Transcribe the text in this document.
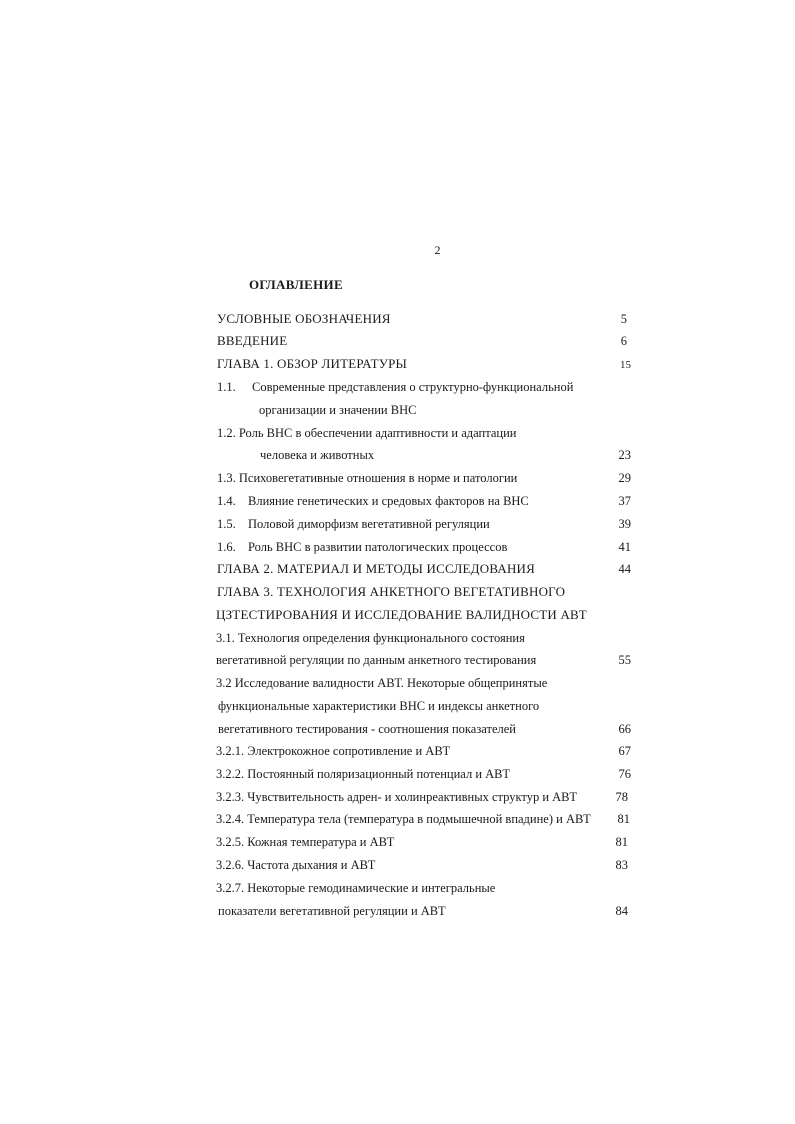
2
ОГЛАВЛЕНИЕ
УСЛОВНЫЕ ОБОЗНАЧЕНИЯ	5
ВВЕДЕНИЕ	6
ГЛАВА 1. ОБЗОР ЛИТЕРАТУРЫ	15
1.1. Современные представления о структурно-функциональной
организации и значении ВНС
1.2. Роль ВНС в обеспечении адаптивности и адаптации
человека и животных	23
1.3. Психовегетативные отношения в норме и патологии	29
1.4. Влияние генетических и средовых факторов на ВНС	37
1.5. Половой диморфизм вегетативной регуляции	39
1.6. Роль ВНС в развитии патологических процессов	41
ГЛАВА 2. МАТЕРИАЛ И МЕТОДЫ ИССЛЕДОВАНИЯ	44
ГЛАВА 3. ТЕХНОЛОГИЯ АНКЕТНОГО ВЕГЕТАТИВНОГО
ЦЗТЕСТИРОВАНИЯ И ИССЛЕДОВАНИЕ ВАЛИДНОСТИ АВТ
3.1. Технология определения функционального состояния
вегетативной регуляции по данным анкетного тестирования	55
3.2 Исследование валидности АВТ. Некоторые общепринятые
функциональные характеристики ВНС и индексы анкетного
вегетативного тестирования - соотношения показателей	66
3.2.1. Электрокожное сопротивление и АВТ	67
3.2.2. Постоянный поляризационный потенциал и АВТ	76
3.2.3. Чувствительность адрен- и холинреактивных структур и АВТ	78
3.2.4. Температура тела (температура в подмышечной впадине) и АВТ	81
3.2.5. Кожная температура и АВТ	81
3.2.6. Частота дыхания и АВТ	83
3.2.7. Некоторые гемодинамические и интегральные
показатели вегетативной регуляции и АВТ	84
